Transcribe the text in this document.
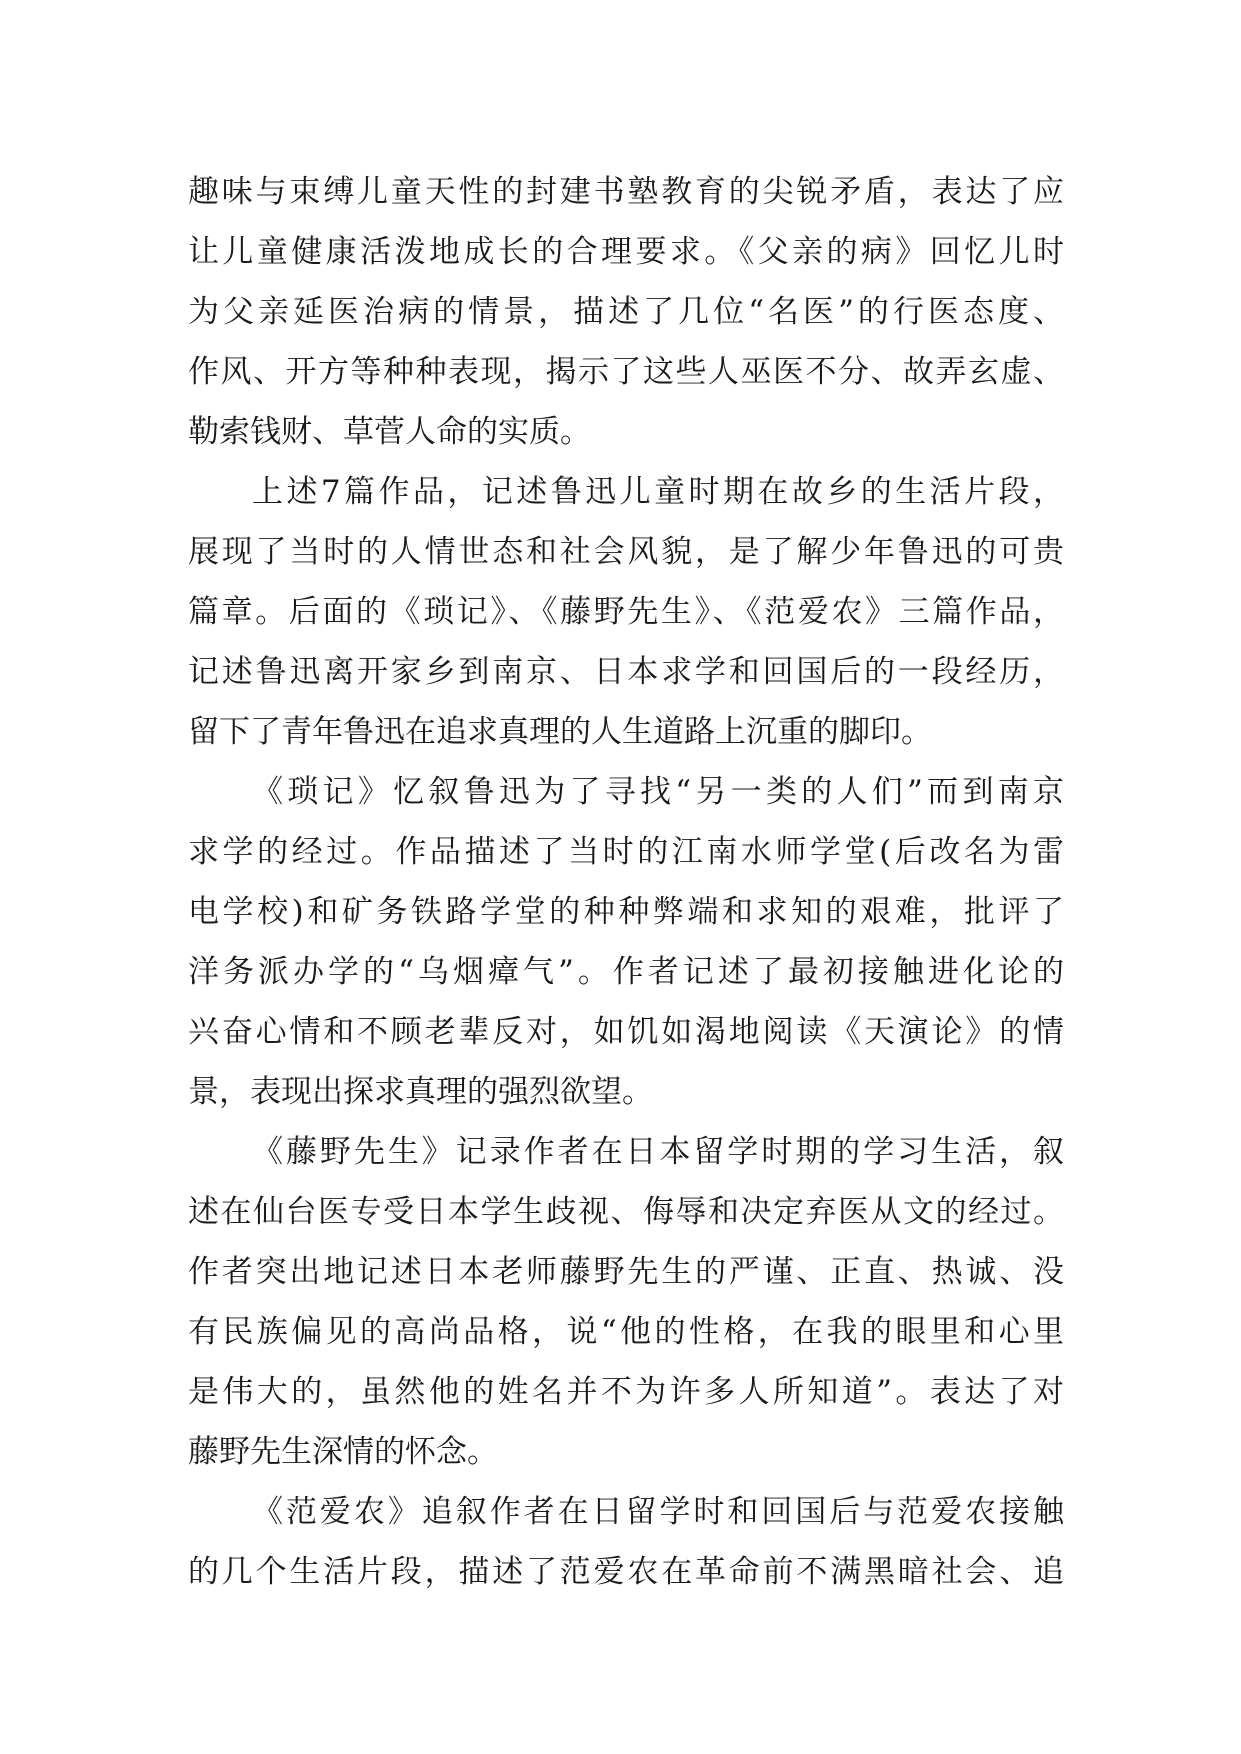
趣味与束缚儿童天性的封建书塾教育的尖锐矛盾，表达了应
让儿童健康活泼地成长的合理要求。《父亲的病》回忆儿时
为父亲延医治病的情景，描述了几位“名医”的行医态度、
作风、开方等种种表现，揭示了这些人巫医不分、故弄玄虚、
勒索钱财、草菅人命的实质。
上述7篇作品，记述鲁迅儿童时期在故乡的生活片段，
展现了当时的人情世态和社会风貌，是了解少年鲁迅的可贵
篇章。后面的《琐记》、《藤野先生》、《范爱农》三篇作品，
记述鲁迅离开家乡到南京、日本求学和回国后的一段经历，
留下了青年鲁迅在追求真理的人生道路上沉重的脚印。
《琐记》忆叙鲁迅为了寻找“另一类的人们”而到南京
求学的经过。作品描述了当时的江南水师学堂(后改名为雷
电学校)和矿务铁路学堂的种种弊端和求知的艰难，批评了
洋务派办学的“乌烟瘴气”。作者记述了最初接触进化论的
兴奋心情和不顾老辈反对，如饥如渴地阅读《天演论》的情
景，表现出探求真理的强烈欲望。
《藤野先生》记录作者在日本留学时期的学习生活，叙
述在仙台医专受日本学生歧视、侮辱和决定弃医从文的经过。
作者突出地记述日本老师藤野先生的严谨、正直、热诚、没
有民族偏见的高尚品格，说“他的性格，在我的眼里和心里
是伟大的，虽然他的姓名并不为许多人所知道”。表达了对
藤野先生深情的怀念。
《范爱农》追叙作者在日留学时和回国后与范爱农接触
的几个生活片段，描述了范爱农在革命前不满黑暗社会、追
